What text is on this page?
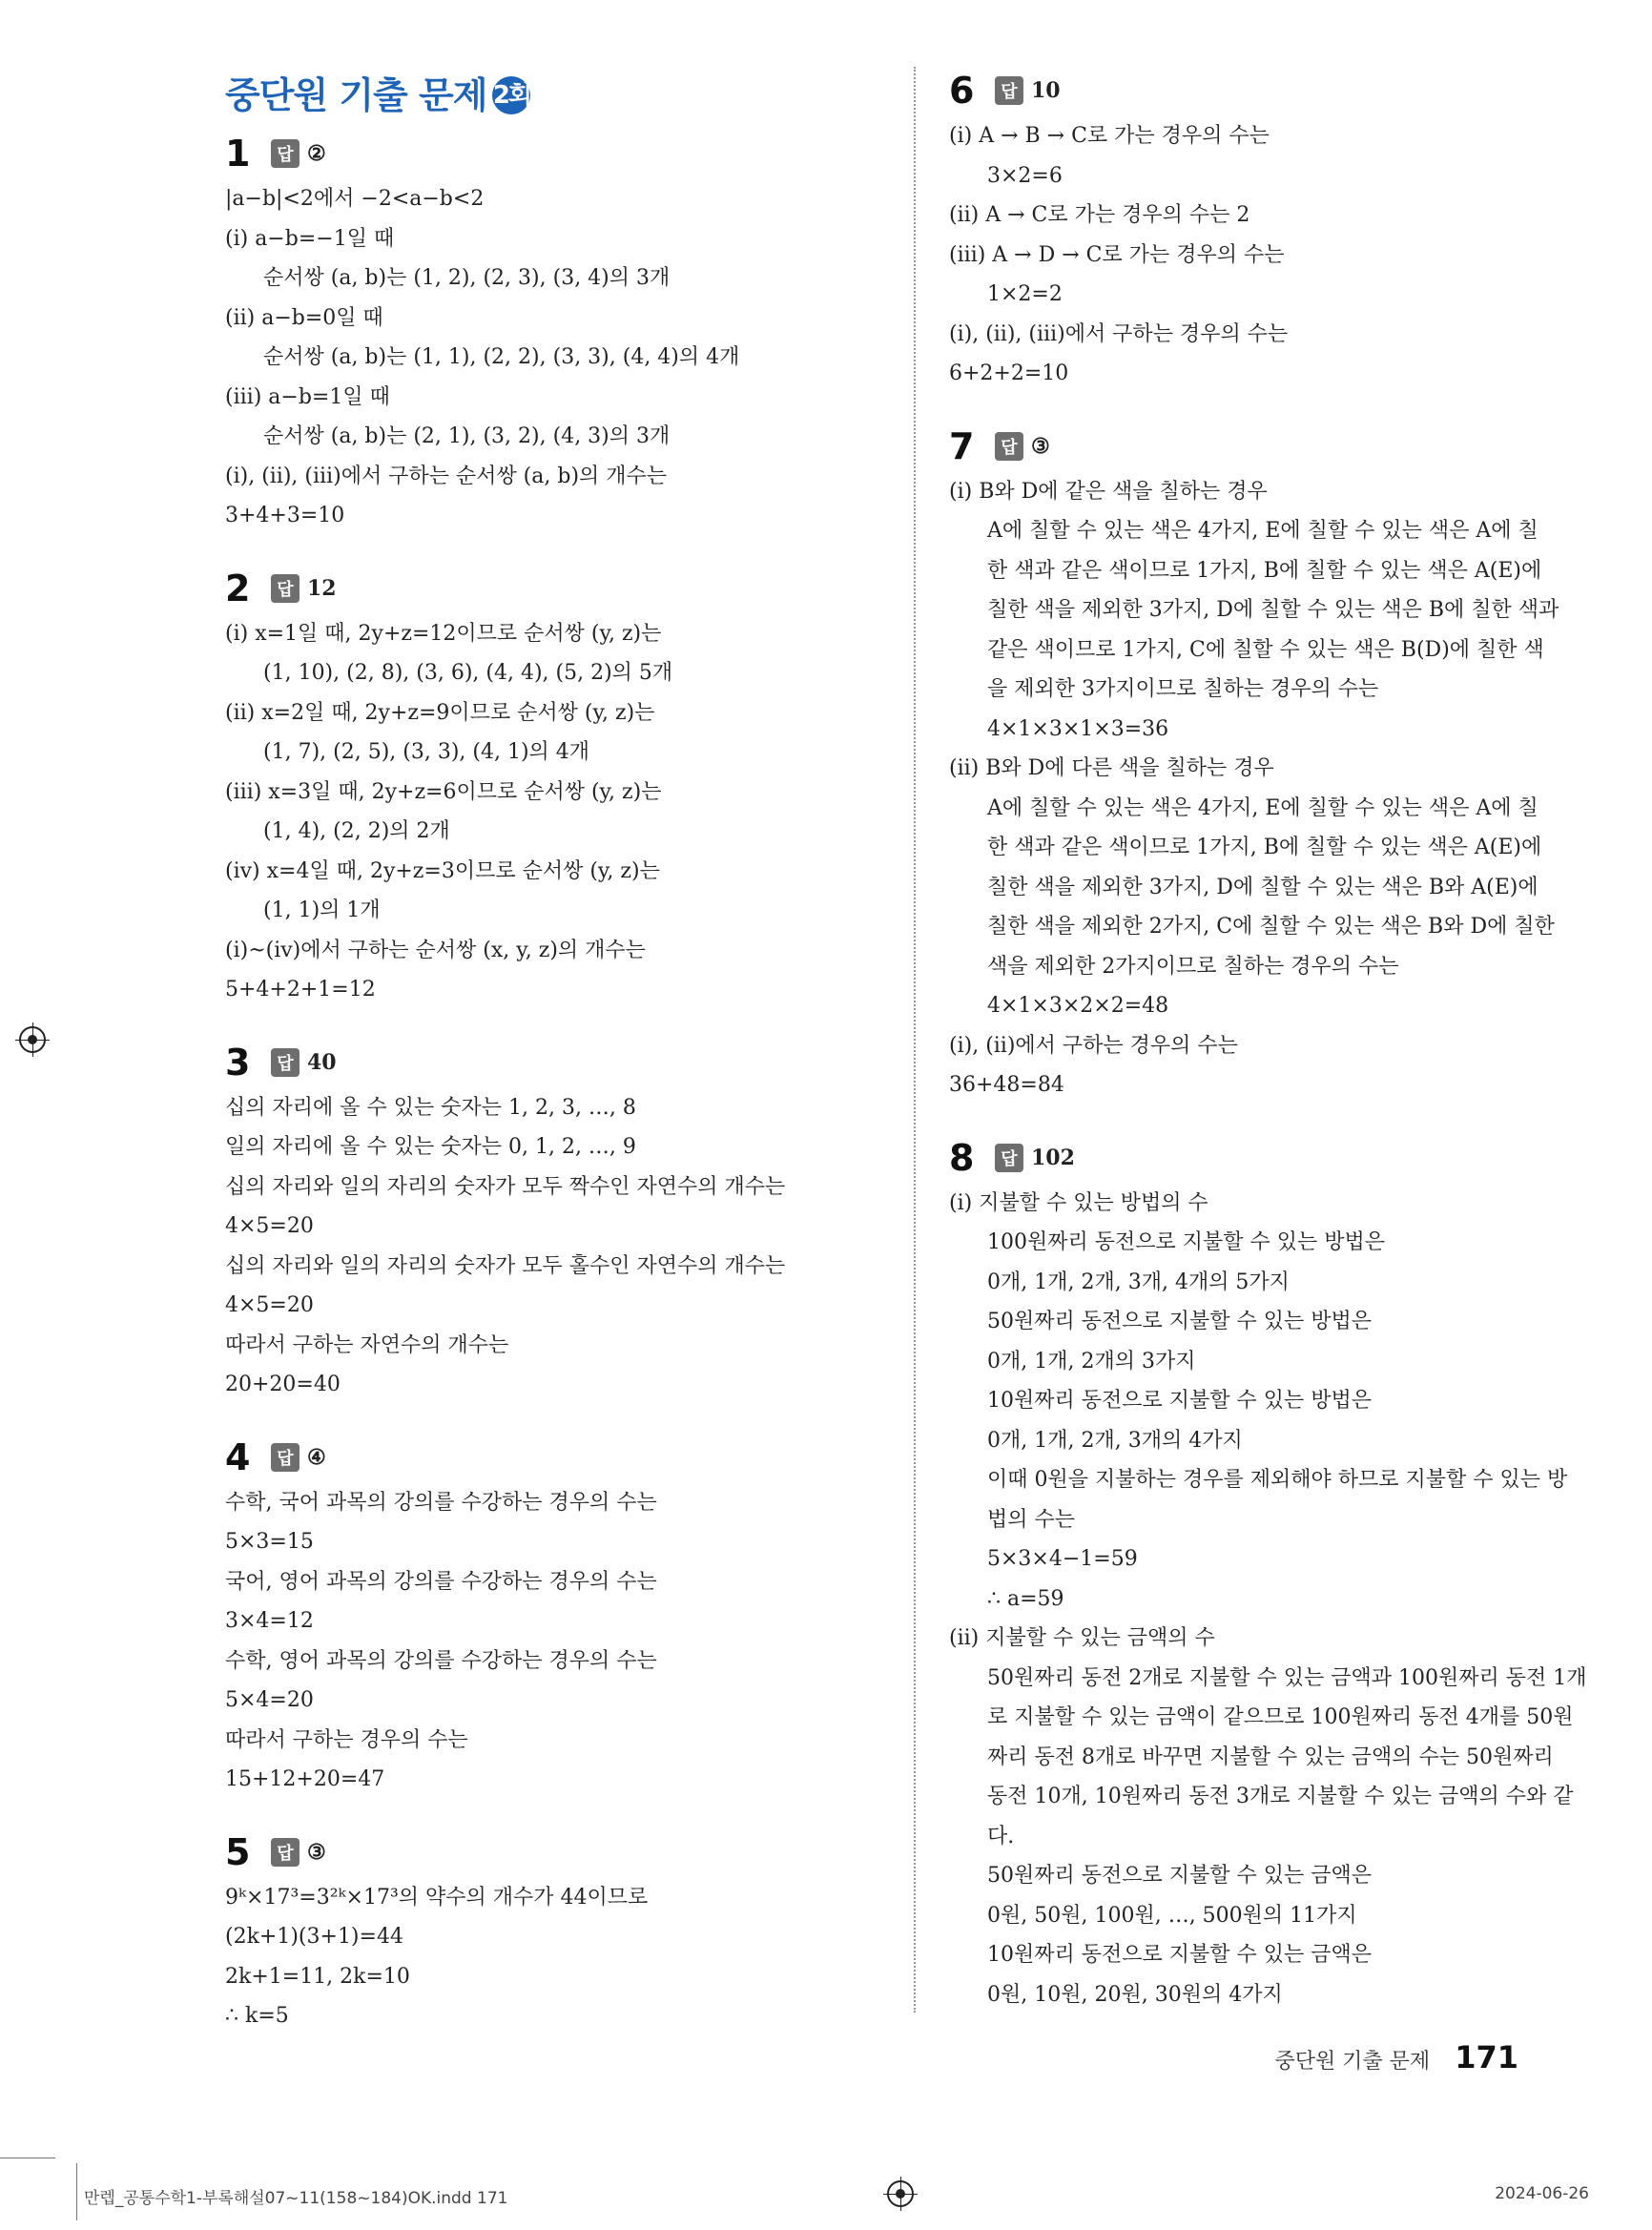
중단원 기출 문제 2회
1	답 ②
|a−b|<2에서 −2<a−b<2
(ⅰ) a−b=−1일 때
순서쌍 (a, b)는 (1, 2), (2, 3), (3, 4)의 3개
(ⅱ) a−b=0일 때
순서쌍 (a, b)는 (1, 1), (2, 2), (3, 3), (4, 4)의 4개
(ⅲ) a−b=1일 때
순서쌍 (a, b)는 (2, 1), (3, 2), (4, 3)의 3개
(ⅰ), (ⅱ), (ⅲ)에서 구하는 순서쌍 (a, b)의 개수는
3+4+3=10
2	답 12
(ⅰ) x=1일 때, 2y+z=12이므로 순서쌍 (y, z)는
(1, 10), (2, 8), (3, 6), (4, 4), (5, 2)의 5개
(ⅱ) x=2일 때, 2y+z=9이므로 순서쌍 (y, z)는
(1, 7), (2, 5), (3, 3), (4, 1)의 4개
(ⅲ) x=3일 때, 2y+z=6이므로 순서쌍 (y, z)는
(1, 4), (2, 2)의 2개
(ⅳ) x=4일 때, 2y+z=3이므로 순서쌍 (y, z)는
(1, 1)의 1개
(ⅰ)~(ⅳ)에서 구하는 순서쌍 (x, y, z)의 개수는
5+4+2+1=12
3	답 40
십의 자리에 올 수 있는 숫자는 1, 2, 3, …, 8
일의 자리에 올 수 있는 숫자는 0, 1, 2, …, 9
십의 자리와 일의 자리의 숫자가 모두 짝수인 자연수의 개수는
4×5=20
십의 자리와 일의 자리의 숫자가 모두 홀수인 자연수의 개수는
4×5=20
따라서 구하는 자연수의 개수는
20+20=40
4	답 ④
수학, 국어 과목의 강의를 수강하는 경우의 수는
5×3=15
국어, 영어 과목의 강의를 수강하는 경우의 수는
3×4=12
수학, 영어 과목의 강의를 수강하는 경우의 수는
5×4=20
따라서 구하는 경우의 수는
15+12+20=47
5	답 ③
9ᵏ×17³=3²ᵏ×17³의 약수의 개수가 44이므로
(2k+1)(3+1)=44
2k+1=11, 2k=10
∴ k=5
6	답 10
(ⅰ) A → B → C로 가는 경우의 수는
3×2=6
(ⅱ) A → C로 가는 경우의 수는 2
(ⅲ) A → D → C로 가는 경우의 수는
1×2=2
(ⅰ), (ⅱ), (ⅲ)에서 구하는 경우의 수는
6+2+2=10
7	답 ③
(ⅰ) B와 D에 같은 색을 칠하는 경우
A에 칠할 수 있는 색은 4가지, E에 칠할 수 있는 색은 A에 칠
한 색과 같은 색이므로 1가지, B에 칠할 수 있는 색은 A(E)에
칠한 색을 제외한 3가지, D에 칠할 수 있는 색은 B에 칠한 색과
같은 색이므로 1가지, C에 칠할 수 있는 색은 B(D)에 칠한 색
을 제외한 3가지이므로 칠하는 경우의 수는
4×1×3×1×3=36
(ⅱ) B와 D에 다른 색을 칠하는 경우
A에 칠할 수 있는 색은 4가지, E에 칠할 수 있는 색은 A에 칠
한 색과 같은 색이므로 1가지, B에 칠할 수 있는 색은 A(E)에
칠한 색을 제외한 3가지, D에 칠할 수 있는 색은 B와 A(E)에
칠한 색을 제외한 2가지, C에 칠할 수 있는 색은 B와 D에 칠한
색을 제외한 2가지이므로 칠하는 경우의 수는
4×1×3×2×2=48
(ⅰ), (ⅱ)에서 구하는 경우의 수는
36+48=84
8	답 102
(ⅰ) 지불할 수 있는 방법의 수
100원짜리 동전으로 지불할 수 있는 방법은
0개, 1개, 2개, 3개, 4개의 5가지
50원짜리 동전으로 지불할 수 있는 방법은
0개, 1개, 2개의 3가지
10원짜리 동전으로 지불할 수 있는 방법은
0개, 1개, 2개, 3개의 4가지
이때 0원을 지불하는 경우를 제외해야 하므로 지불할 수 있는 방
법의 수는
5×3×4−1=59
∴ a=59
(ⅱ) 지불할 수 있는 금액의 수
50원짜리 동전 2개로 지불할 수 있는 금액과 100원짜리 동전 1개
로 지불할 수 있는 금액이 같으므로 100원짜리 동전 4개를 50원
짜리 동전 8개로 바꾸면 지불할 수 있는 금액의 수는 50원짜리
동전 10개, 10원짜리 동전 3개로 지불할 수 있는 금액의 수와 같
다.
50원짜리 동전으로 지불할 수 있는 금액은
0원, 50원, 100원, …, 500원의 11가지
10원짜리 동전으로 지불할 수 있는 금액은
0원, 10원, 20원, 30원의 4가지
중단원 기출 문제 171
만렙_공통수학1-부록해설07~11(158~184)OK.indd 171	2024-06-26
